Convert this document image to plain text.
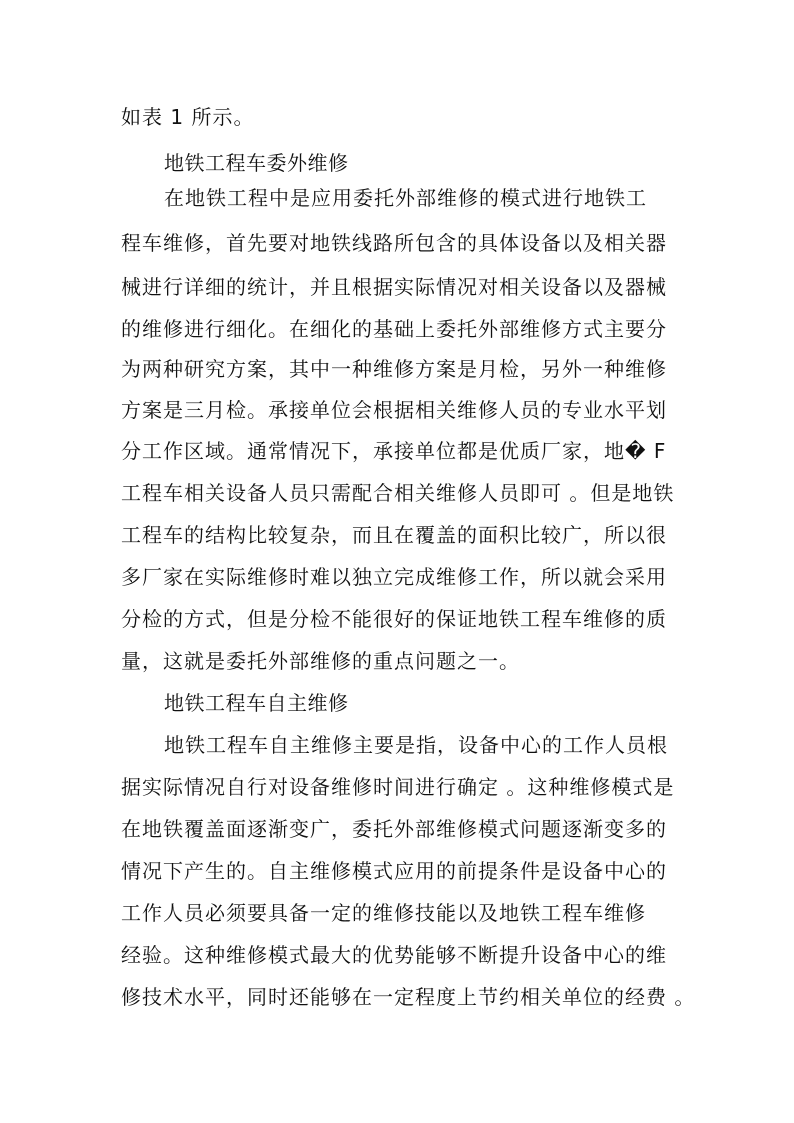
如表 1 所示。
地铁工程车委外维修
在地铁工程中是应用委托外部维修的模式进行地铁工
程车维修，首先要对地铁线路所包含的具体设备以及相关器
械进行详细的统计，并且根据实际情况对相关设备以及器械
的维修进行细化。在细化的基础上委托外部维修方式主要分
为两种研究方案，其中一种维修方案是月检，另外一种维修
方案是三月检。承接单位会根据相关维修人员的专业水平划
分工作区域。通常情况下，承接单位都是优质厂家，地� F
工程车相关设备人员只需配合相关维修人员即可 。但是地铁
工程车的结构比较复杂，而且在覆盖的面积比较广，所以很
多厂家在实际维修时难以独立完成维修工作，所以就会采用
分检的方式，但是分检不能很好的保证地铁工程车维修的质
量，这就是委托外部维修的重点问题之一。
地铁工程车自主维修
地铁工程车自主维修主要是指，设备中心的工作人员根
据实际情况自行对设备维修时间进行确定 。这种维修模式是
在地铁覆盖面逐渐变广，委托外部维修模式问题逐渐变多的
情况下产生的。自主维修模式应用的前提条件是设备中心的
工作人员必须要具备一定的维修技能以及地铁工程车维修
经验。这种维修模式最大的优势能够不断提升设备中心的维
修技术水平，同时还能够在一定程度上节约相关单位的经费 。
